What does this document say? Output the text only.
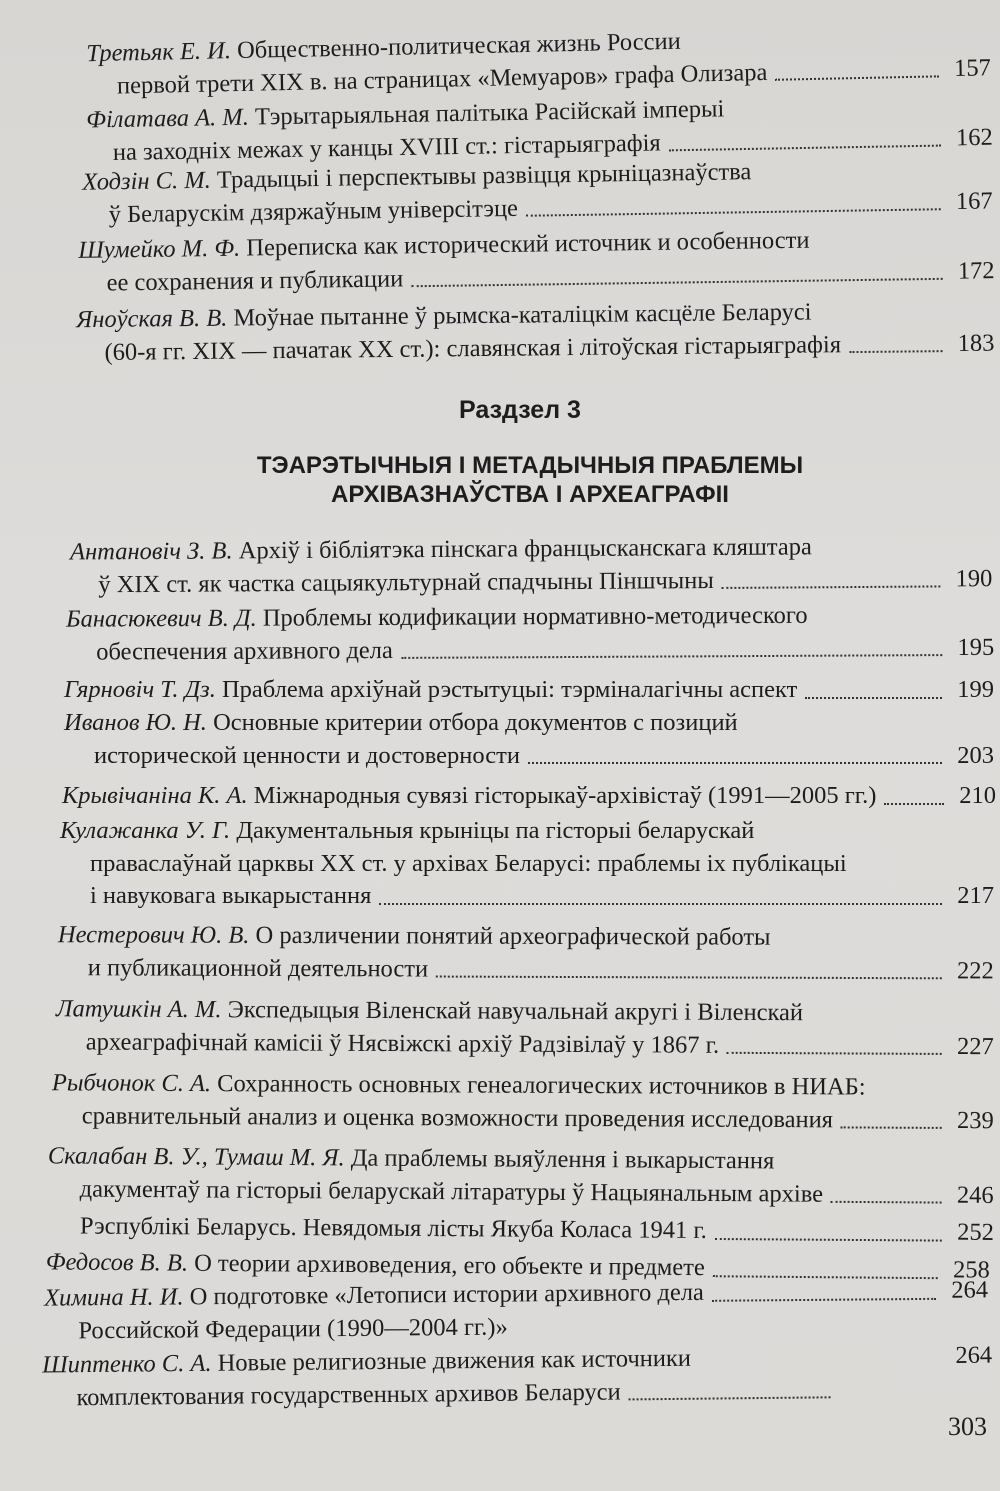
Третьяк Е. И. Общественно-политическая жизнь России
первой трети XIX в. на страницах «Мемуаров» графа Олизара	157
Філатава А. М. Тэрытарыяльная палітыка Расійскай імперыі
на заходніх межах у канцы XVIII ст.: гістарыяграфія	162
Ходзін С. М. Традыцыі і перспектывы развіцця крыніцазнаўства
ў Беларускім дзяржаўным універсітэце	167
Шумейко М. Ф. Переписка как исторический источник и особенности
ее сохранения и публикации	172
Яноўская В. В. Моўнае пытанне ў рымска-каталіцкім касцёле Беларусі
(60-я гг. XIX — пачатак XX ст.): славянская і літоўская гістарыяграфія	183
Раздзел 3
ТЭАРЭТЫЧНЫЯ І МЕТАДЫЧНЫЯ ПРАБЛЕМЫ
АРХІВАЗНАЎСТВА І АРХЕАГРАФІІ
Антановіч З. В. Архіў і бібліятэка пінскага францысканскага кляштара
ў XIX ст. як частка сацыякультурнай спадчыны Піншчыны	190
Банасюкевич В. Д. Проблемы кодификации нормативно-методического
обеспечения архивного дела	195
Гярновіч Т. Дз. Праблема архіўнай рэстытуцыі: тэрміналагічны аспект	199
Иванов Ю. Н. Основные критерии отбора документов с позиций
исторической ценности и достоверности	203
Крывічаніна К. А. Міжнародныя сувязі гісторыкаў-архівістаў (1991—2005 гг.)	210
Кулажанка У. Г. Дакументальныя крыніцы па гісторыі беларускай
праваслаўнай царквы XX ст. у архівах Беларусі: праблемы іх публікацыі
і навуковага выкарыстання	217
Нестерович Ю. В. О различении понятий археографической работы
и публикационной деятельности	222
Латушкін А. М. Экспедыцыя Віленскай навучальнай акругі і Віленскай
археаграфічнай камісіі ў Нясвіжскі архіў Радзівілаў у 1867 г.	227
Рыбчонок С. А. Сохранность основных генеалогических источников в НИАБ:
сравнительный анализ и оценка возможности проведения исследования	239
Скалабан В. У., Тумаш М. Я. Да праблемы выяўлення і выкарыстання
дакументаў па гісторыі беларускай літаратуры ў Нацыянальным архіве	246
Рэспублікі Беларусь. Невядомыя лісты Якуба Коласа 1941 г.	252
Федосов В. В. О теории архивоведения, его объекте и предмете	258
Химина Н. И. О подготовке «Летописи истории архивного дела	264
Российской Федерации (1990—2004 гг.)»
Шиптенко С. А. Новые религиозные движения как источники	264
комплектования государственных архивов Беларуси
303
